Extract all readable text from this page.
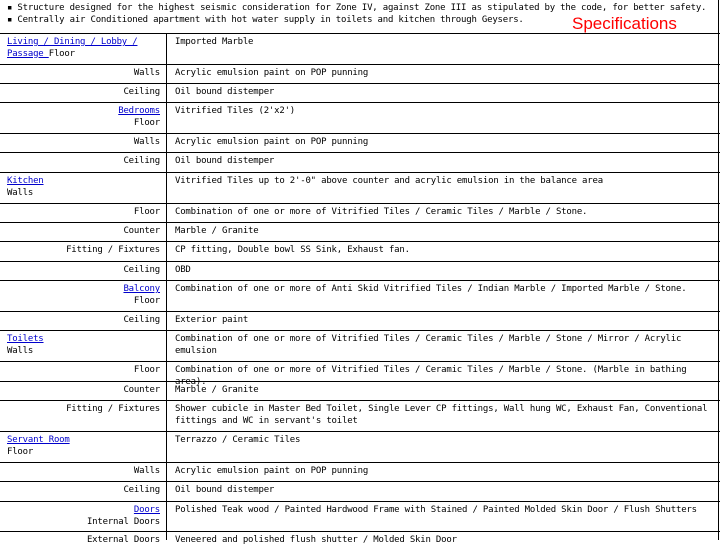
▪ Structure designed for the highest seismic consideration for Zone IV, against Zone III as stipulated by the code, for better safety.
▪ Centrally air Conditioned apartment with hot water supply in toilets and kitchen through Geysers.	Specifications
Living / Dining / Lobby / Passage Floor
Imported Marble
Walls Acrylic emulsion paint on POP punning
Ceiling Oil bound distemper
Bedrooms
Floor
Vitrified Tiles (2'x2')
Walls Acrylic emulsion paint on POP punning
Ceiling Oil bound distemper
Kitchen
Walls
Vitrified Tiles up to 2'-0" above counter and acrylic emulsion in the balance area
Floor Combination of one or more of Vitrified Tiles / Ceramic Tiles / Marble / Stone.
Counter Marble / Granite
Fitting / Fixtures CP fitting, Double bowl SS Sink, Exhaust fan.
Ceiling OBD
Balcony
Floor
Combination of one or more of Anti Skid Vitrified Tiles / Indian Marble / Imported Marble / Stone.
Ceiling Exterior paint
Toilets
Walls
Combination of one or more of Vitrified Tiles / Ceramic Tiles / Marble / Stone / Mirror / Acrylic emulsion
Floor Combination of one or more of Vitrified Tiles / Ceramic Tiles / Marble / Stone. (Marble in bathing area).
Counter Marble / Granite
Fitting / Fixtures Shower cubicle in Master Bed Toilet, Single Lever CP fittings, Wall hung WC, Exhaust Fan, Conventional fittings and WC in servant's toilet
Servant Room
Floor
Terrazzo / Ceramic Tiles
Walls Acrylic emulsion paint on POP punning
Ceiling Oil bound distemper
Doors
Internal Doors
Polished Teak wood / Painted Hardwood Frame with Stained / Painted Molded Skin Door / Flush Shutters
External Doors Veneered and polished flush shutter / Molded Skin Door
